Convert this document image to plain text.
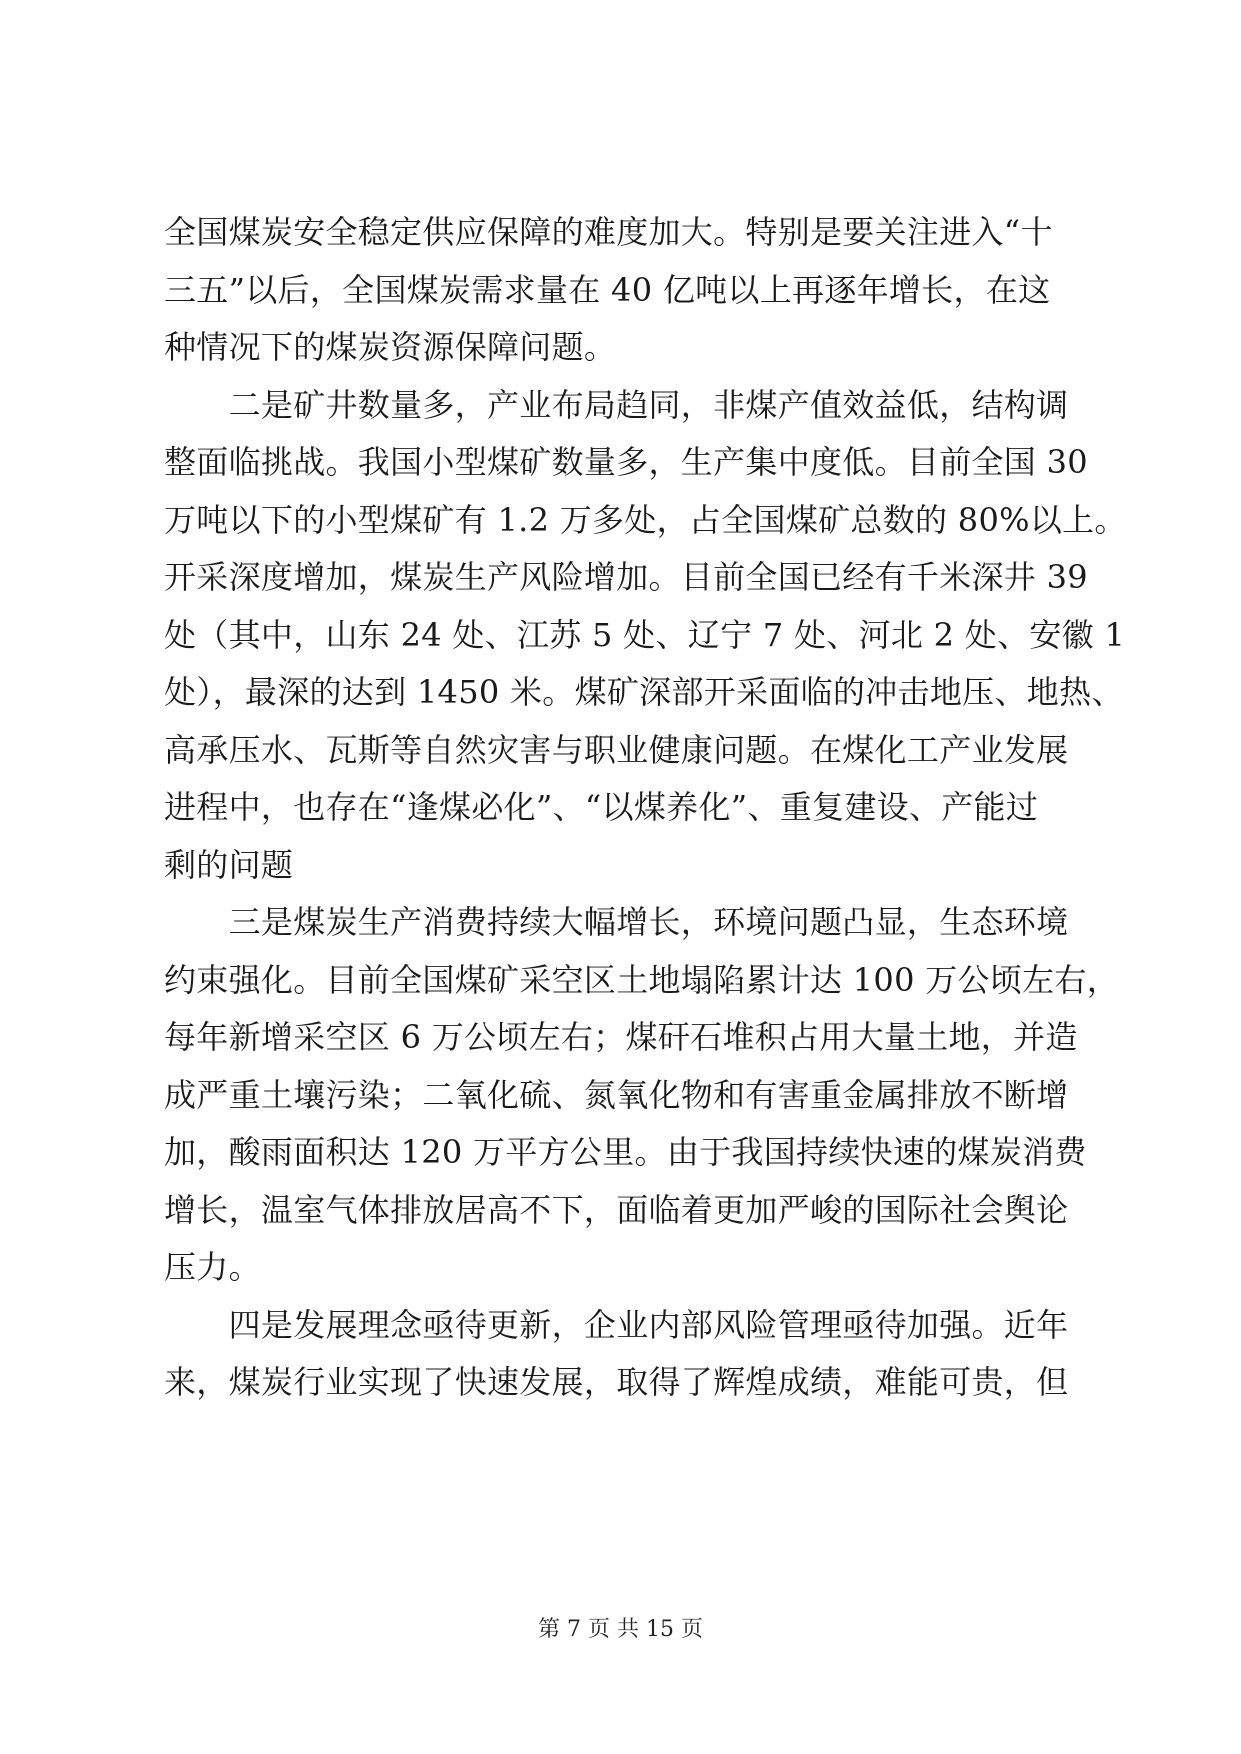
全国煤炭安全稳定供应保障的难度加大。特别是要关注进入“十
三五”以后，全国煤炭需求量在 40 亿吨以上再逐年增长，在这
种情况下的煤炭资源保障问题。
　　二是矿井数量多，产业布局趋同，非煤产值效益低，结构调
整面临挑战。我国小型煤矿数量多，生产集中度低。目前全国 30
万吨以下的小型煤矿有 1.2 万多处，占全国煤矿总数的 80%以上。
开采深度增加，煤炭生产风险增加。目前全国已经有千米深井 39
处（其中，山东 24 处、江苏 5 处、辽宁 7 处、河北 2 处、安徽 1
处），最深的达到 1450 米。煤矿深部开采面临的冲击地压、地热、
高承压水、瓦斯等自然灾害与职业健康问题。在煤化工产业发展
进程中，也存在“逢煤必化”、“以煤养化”、重复建设、产能过
剩的问题
　　三是煤炭生产消费持续大幅增长，环境问题凸显，生态环境
约束强化。目前全国煤矿采空区土地塌陷累计达 100 万公顷左右，
每年新增采空区 6 万公顷左右；煤矸石堆积占用大量土地，并造
成严重土壤污染；二氧化硫、氮氧化物和有害重金属排放不断增
加，酸雨面积达 120 万平方公里。由于我国持续快速的煤炭消费
增长，温室气体排放居高不下，面临着更加严峻的国际社会舆论
压力。
　　四是发展理念亟待更新，企业内部风险管理亟待加强。近年
来，煤炭行业实现了快速发展，取得了辉煌成绩，难能可贵，但
第 7 页 共 15 页
